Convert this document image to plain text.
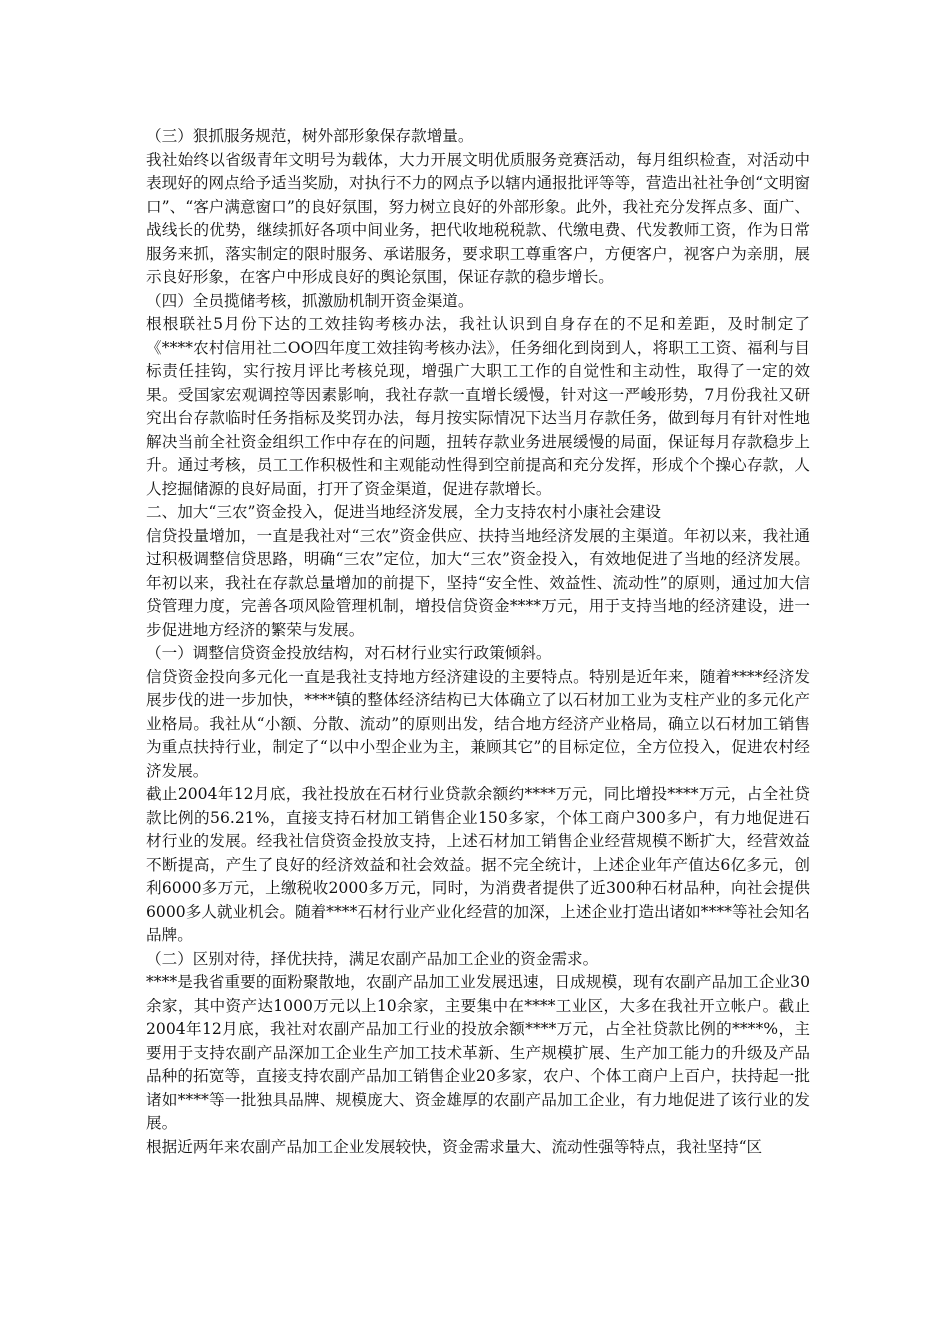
（三）狠抓服务规范，树外部形象保存款增量。

我社始终以省级青年文明号为载体，大力开展文明优质服务竞赛活动，每月组织检查，对活动中表现好的网点给予适当奖励，对执行不力的网点予以辖内通报批评等等，营造出社社争创“文明窗口”、“客户满意窗口”的良好氛围，努力树立良好的外部形象。此外，我社充分发挥点多、面广、战线长的优势，继续抓好各项中间业务，把代收地税税款、代缴电费、代发教师工资，作为日常服务来抓，落实制定的限时服务、承诺服务，要求职工尊重客户，方便客户，视客户为亲朋，展示良好形象，在客户中形成良好的舆论氛围，保证存款的稳步增长。

（四）全员揽储考核，抓激励机制开资金渠道。

根根联社5月份下达的工效挂钩考核办法，我社认识到自身存在的不足和差距，及时制定了《****农村信用社二OO四年度工效挂钩考核办法》，任务细化到岗到人，将职工工资、福利与目标责任挂钩，实行按月评比考核兑现，增强广大职工工作的自觉性和主动性，取得了一定的效果。受国家宏观调控等因素影响，我社存款一直增长缓慢，针对这一严峻形势，7月份我社又研究出台存款临时任务指标及奖罚办法，每月按实际情况下达当月存款任务，做到每月有针对性地解决当前全社资金组织工作中存在的问题，扭转存款业务进展缓慢的局面，保证每月存款稳步上升。通过考核，员工工作积极性和主观能动性得到空前提高和充分发挥，形成个个操心存款，人人挖掘储源的良好局面，打开了资金渠道，促进存款增长。

二、加大“三农”资金投入，促进当地经济发展，全力支持农村小康社会建设

信贷投量增加，一直是我社对“三农”资金供应、扶持当地经济发展的主渠道。年初以来，我社通过积极调整信贷思路，明确“三农”定位，加大“三农”资金投入，有效地促进了当地的经济发展。年初以来，我社在存款总量增加的前提下，坚持“安全性、效益性、流动性”的原则，通过加大信贷管理力度，完善各项风险管理机制，增投信贷资金****万元，用于支持当地的经济建设，进一步促进地方经济的繁荣与发展。

（一）调整信贷资金投放结构，对石材行业实行政策倾斜。

信贷资金投向多元化一直是我社支持地方经济建设的主要特点。特别是近年来，随着****经济发展步伐的进一步加快，****镇的整体经济结构已大体确立了以石材加工业为支柱产业的多元化产业格局。我社从“小额、分散、流动”的原则出发，结合地方经济产业格局，确立以石材加工销售为重点扶持行业，制定了“以中小型企业为主，兼顾其它”的目标定位，全方位投入，促进农村经济发展。

截止2004年12月底，我社投放在石材行业贷款余额约****万元，同比增投****万元，占全社贷款比例的56.21%，直接支持石材加工销售企业150多家，个体工商户300多户，有力地促进石材行业的发展。经我社信贷资金投放支持，上述石材加工销售企业经营规模不断扩大，经营效益不断提高，产生了良好的经济效益和社会效益。据不完全统计，上述企业年产值达6亿多元，创利6000多万元，上缴税收2000多万元，同时，为消费者提供了近300种石材品种，向社会提供6000多人就业机会。随着****石材行业产业化经营的加深，上述企业打造出诸如****等社会知名品牌。

（二）区别对待，择优扶持，满足农副产品加工企业的资金需求。

****是我省重要的面粉聚散地，农副产品加工业发展迅速，日成规模，现有农副产品加工企业30余家，其中资产达1000万元以上10余家，主要集中在****工业区，大多在我社开立帐户。截止2004年12月底，我社对农副产品加工行业的投放余额****万元，占全社贷款比例的****%，主要用于支持农副产品深加工企业生产加工技术革新、生产规模扩展、生产加工能力的升级及产品品种的拓宽等，直接支持农副产品加工销售企业20多家，农户、个体工商户上百户，扶持起一批诸如****等一批独具品牌、规模庞大、资金雄厚的农副产品加工企业，有力地促进了该行业的发展。

根据近两年来农副产品加工企业发展较快，资金需求量大、流动性强等特点，我社坚持“区
